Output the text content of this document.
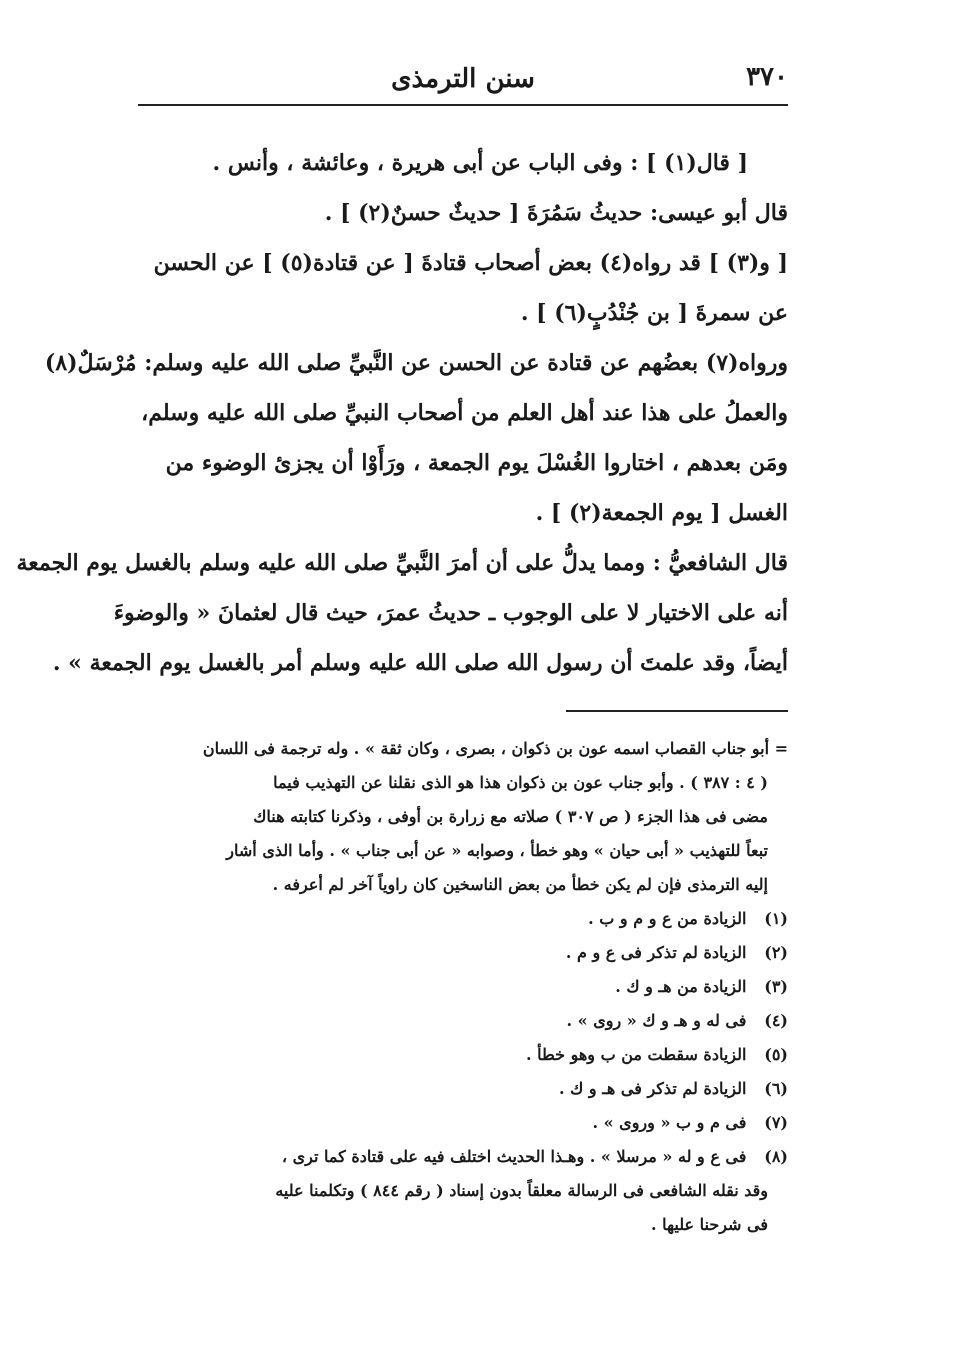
٣٧٠
سنن الترمذى
[ قال(١) ] : وفى الباب عن أبى هريرة ، وعائشة ، وأنس .
قال أبو عيسى: حديثُ سَمُرَةَ [ حديثٌ حسنٌ(٢) ] .
[ و(٣) ] قد رواه(٤) بعض أصحاب قتادةَ [ عن قتادة(٥) ] عن الحسن
عن سمرةَ [ بن جُنْدُبٍ(٦) ] .
ورواه(٧) بعضُهم عن قتادة عن الحسن عن النَّبيِّ صلى الله عليه وسلم: مُرْسَلٌ(٨)
والعملُ على هذا عند أهل العلم من أصحاب النبيِّ صلى الله عليه وسلم،
ومَن بعدهم ، اختاروا الغُسْلَ يوم الجمعة ، ورَأَوْا أن يجزئ الوضوء من
الغسل [ يوم الجمعة(٢) ] .
قال الشافعيُّ : ومما يدلُّ على أن أمرَ النَّبيِّ صلى الله عليه وسلم بالغسل يوم الجمعة
أنه على الاختيار لا على الوجوب ـ حديثُ عمرَ، حيث قال لعثمانَ « والوضوءَ
أيضاً، وقد علمتَ أن رسول الله صلى الله عليه وسلم أمر بالغسل يوم الجمعة » .
= أبو جناب القصاب اسمه عون بن ذكوان ، بصرى ، وكان ثقة » . وله ترجمة فى اللسان
( ٤ : ٣٨٧ ) . وأبو جناب عون بن ذكوان هذا هو الذى نقلنا عن التهذيب فيما
مضى فى هذا الجزء ( ص ٣٠٧ ) صلاته مع زرارة بن أوفى ، وذكرنا كتابته هناك
تبعاً للتهذيب « أبى حيان » وهو خطأ ، وصوابه « عن أبى جناب » . وأما الذى أشار
إليه الترمذى فإن لم يكن خطأ من بعض الناسخين كان راوياً آخر لم أعرفه .
(١) الزيادة من ع و م و ب .
(٢) الزيادة لم تذكر فى ع و م .
(٣) الزيادة من هـ و ك .
(٤) فى له و هـ و ك « روى » .
(٥) الزيادة سقطت من ب وهو خطأ .
(٦) الزيادة لم تذكر فى هـ و ك .
(٧) فى م و ب « وروى » .
(٨) فى ع و له « مرسلا » . وهـذا الحديث اختلف فيه على قتادة كما ترى ،
وقد نقله الشافعى فى الرسالة معلقاً بدون إسناد ( رقم ٨٤٤ ) وتكلمنا عليه
فى شرحنا عليها .
